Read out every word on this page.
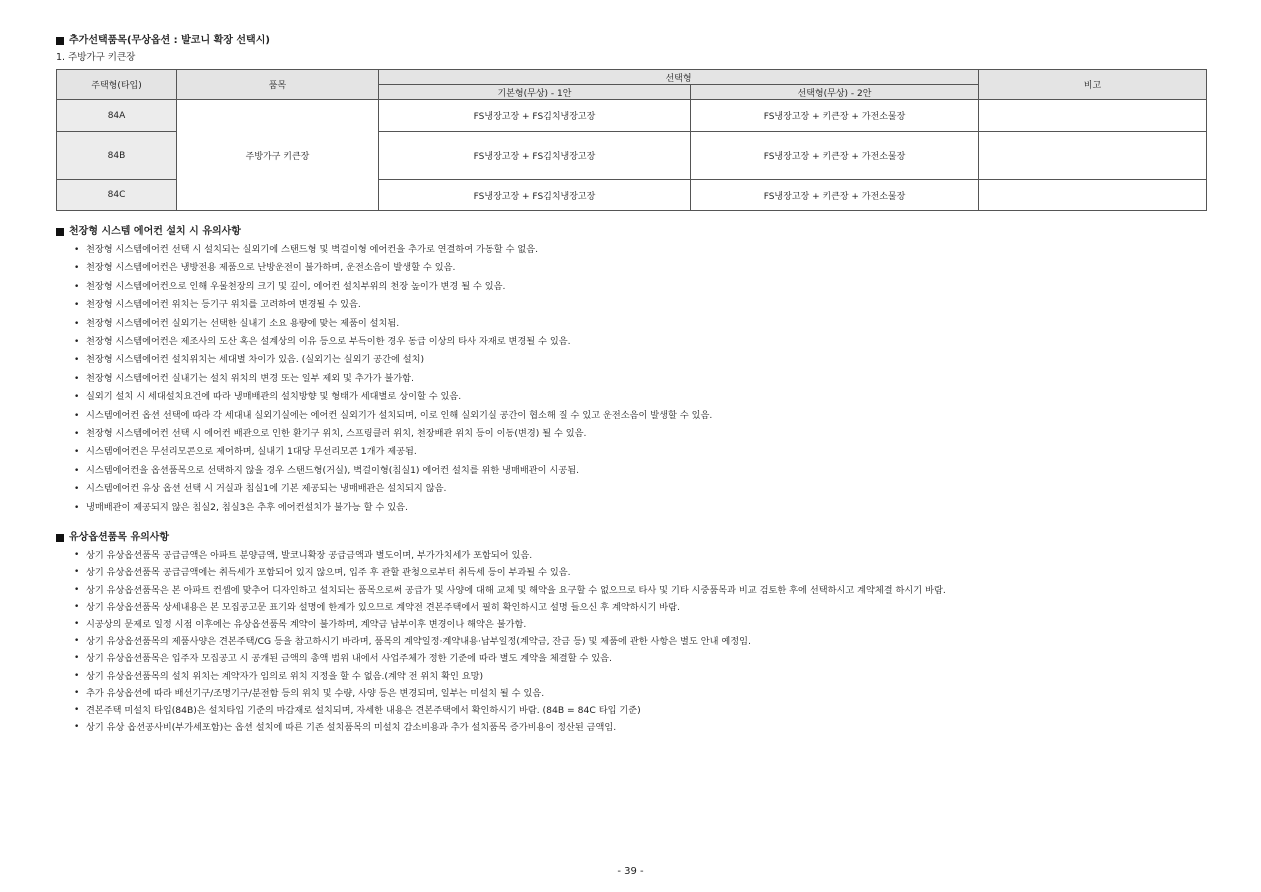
추가선택품목(무상옵션 : 발코니 확장 선택시)
1. 주방가구 키큰장
주택형(타입)	품목	선택형		비고
		기본형(무상) - 1안	선택형(무상) - 2안	
84A	주방가구 키큰장	FS냉장고장 + FS김치냉장고장	FS냉장고장 + 키큰장 + 가전소물장	
84B		FS냉장고장 + FS김치냉장고장	FS냉장고장 + 키큰장 + 가전소물장	
84C		FS냉장고장 + FS김치냉장고장	FS냉장고장 + 키큰장 + 가전소물장	
천장형 시스템 에어컨 설치 시 유의사항
• 천장형 시스템에어컨 선택 시 설치되는 실외기에 스탠드형 및 벽걸이형 에어컨을 추가로 연결하여 가동할 수 없음.
• 천장형 시스템에어컨은 냉방전용 제품으로 난방운전이 불가하며, 운전소음이 발생할 수 있음.
• 천장형 시스템에어컨으로 인해 우물천장의 크기 및 깊이, 에어컨 설치부위의 천장 높이가 변경 될 수 있음.
• 천장형 시스템에어컨 위치는 등기구 위치를 고려하여 변경될 수 있음.
• 천장형 시스템에어컨 실외기는 선택한 실내기 소요 용량에 맞는 제품이 설치됨.
• 천장형 시스템에어컨은 제조사의 도산 혹은 설계상의 이유 등으로 부득이한 경우 동급 이상의 타사 자재로 변경될 수 있음.
• 천장형 시스템에어컨 설치위치는 세대별 차이가 있음. (실외기는 실외기 공간에 설치)
• 천장형 시스템에어컨 실내기는 설치 위치의 변경 또는 일부 제외 및 추가가 불가함.
• 실외기 설치 시 세대설치요건에 따라 냉매배관의 설치방향 및 형태가 세대별로 상이할 수 있음.
• 시스템에어컨 옵션 선택에 따라 각 세대내 실외기실에는 에어컨 실외기가 설치되며, 이로 인해 실외기실 공간이 협소해 질 수 있고 운전소음이 발생할 수 있음.
• 천장형 시스템에어컨 선택 시 에어컨 배관으로 인한 환기구 위치, 스프링클러 위치, 천장배관 위치 등이 이동(변경) 될 수 있음.
• 시스템에어컨은 무선리모콘으로 제어하며, 실내기 1대당 무선리모콘 1개가 제공됨.
• 시스템에어컨을 옵션품목으로 선택하지 않을 경우 스탠드형(거실), 벽걸이형(침실1) 에어컨 설치를 위한 냉매배관이 시공됨.
• 시스템에어컨 유상 옵션 선택 시 거실과 침실1에 기본 제공되는 냉매배관은 설치되지 않음.
• 냉매배관이 제공되지 않은 침실2, 침실3은 추후 에어컨설치가 불가능 할 수 있음.
유상옵션품목 유의사항
• 상기 유상옵션품목 공급금액은 아파트 분양금액, 발코니확장 공급금액과 별도이며, 부가가치세가 포함되어 있음.
• 상기 유상옵션품목 공급금액에는 취득세가 포함되어 있지 않으며, 입주 후 관할 관청으로부터 취득세 등이 부과될 수 있음.
• 상기 유상옵션품목은 본 아파트 컨셉에 맞추어 디자인하고 설치되는 품목으로써 공급가 및 사양에 대해 교체 및 해약을 요구할 수 없으므로 타사 및 기타 시중품목과 비교 검토한 후에 선택하시고 계약체결 하시기 바람.
• 상기 유상옵션품목 상세내용은 본 모집공고문 표기와 설명에 한계가 있으므로 계약전 견본주택에서 필히 확인하시고 설명 들으신 후 계약하시기 바람.
• 시공상의 문제로 일정 시점 이후에는 유상옵션품목 계약이 불가하며, 계약금 납부이후 변경이나 해약은 불가함.
• 상기 유상옵션품목의 제품사양은 견본주택/CG 등을 참고하시기 바라며, 품목의 계약일정·계약내용·납부일정(계약금, 잔금 등) 및 제품에 관한 사항은 별도 안내 예정임.
• 상기 유상옵션품목은 입주자 모집공고 시 공개된 금액의 총액 범위 내에서 사업주체가 정한 기준에 따라 별도 계약을 체결할 수 있음.
• 상기 유상옵션품목의 설치 위치는 계약자가 임의로 위치 지정을 할 수 없음.(계약 전 위치 확인 요망)
• 추가 유상옵션에 따라 배선기구/조명기구/분전함 등의 위치 및 수량, 사양 등은 변경되며, 일부는 미설치 될 수 있음.
• 견본주택 미설치 타입(84B)은 설치타입 기준의 마감재로 설치되며, 자세한 내용은 견본주택에서 확인하시기 바람. (84B = 84C 타입 기준)
• 상기 유상 옵션공사비(부가세포함)는 옵션 설치에 따른 기존 설치품목의 미설치 감소비용과 추가 설치품목 증가비용이 정산된 금액임.
- 39 -
